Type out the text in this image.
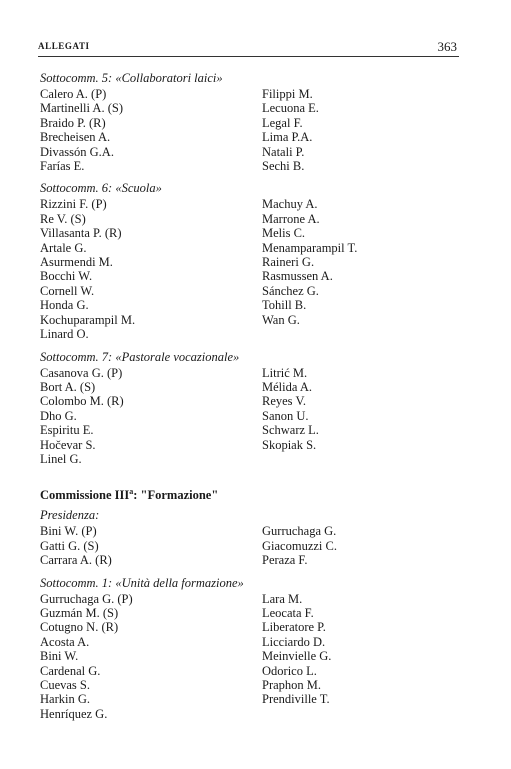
ALLEGATI	363
Sottocomm. 5: «Collaboratori laici»
Calero A. (P)
Martinelli A. (S)
Braido P. (R)
Brecheisen A.
Divassón G.A.
Farías E.
Filippi M.
Lecuona E.
Legal F.
Lima P.A.
Natali P.
Sechi B.
Sottocomm. 6: «Scuola»
Rizzini F. (P)
Re V. (S)
Villasanta P. (R)
Artale G.
Asurmendi M.
Bocchi W.
Cornell W.
Honda G.
Kochuparampil M.
Linard O.
Machuy A.
Marrone A.
Melis C.
Menamparampil T.
Raineri G.
Rasmussen A.
Sánchez G.
Tohill B.
Wan G.
Sottocomm. 7: «Pastorale vocazionale»
Casanova G. (P)
Bort A. (S)
Colombo M. (R)
Dho G.
Espiritu E.
Hočevar S.
Linel G.
Litrić M.
Mélida A.
Reyes V.
Sanon U.
Schwarz L.
Skopiak S.
Commissione III$^a$: "Formazione"
Presidenza:
Bini W. (P)
Gatti G. (S)
Carrara A. (R)
Gurruchaga G.
Giacomuzzi C.
Peraza F.
Sottocomm. 1: «Unità della formazione»
Gurruchaga G. (P)
Guzmán M. (S)
Cotugno N. (R)
Acosta A.
Bini W.
Cardenal G.
Cuevas S.
Harkin G.
Henríquez G.
Lara M.
Leocata F.
Liberatore P.
Licciardo D.
Meinvielle G.
Odorico L.
Praphon M.
Prendiville T.
